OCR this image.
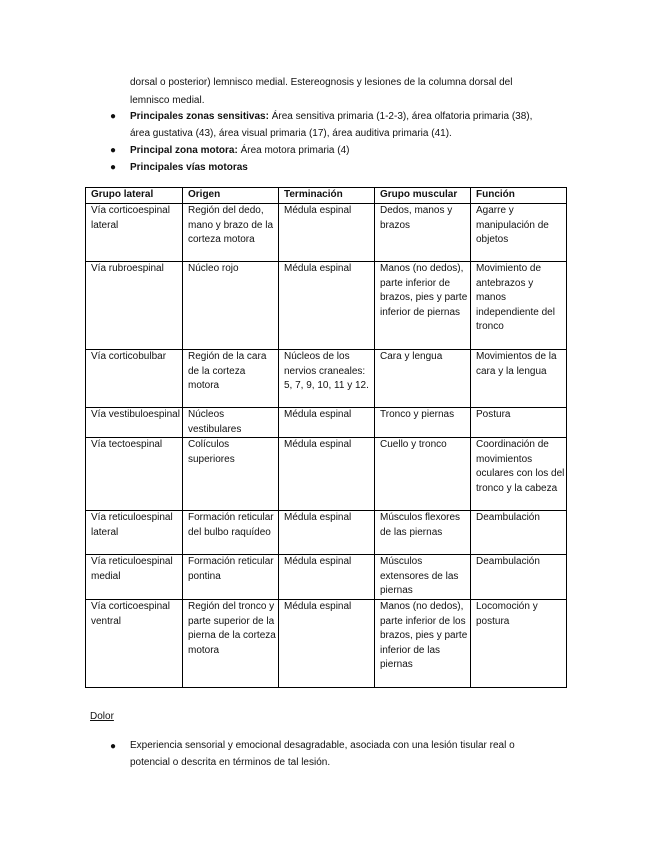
dorsal o posterior) lemnisco medial. Estereognosis y lesiones de la columna dorsal del
lemnisco medial.
● Principales zonas sensitivas: Área sensitiva primaria (1-2-3), área olfatoria primaria (38),
área gustativa (43), área visual primaria (17), área auditiva primaria (41).
● Principal zona motora: Área motora primaria (4)
● Principales vías motoras
Grupo lateral	Origen	Terminación	Grupo muscular	Función
Vía corticoespinal lateral	Región del dedo, mano y brazo de la corteza motora	Médula espinal	Dedos, manos y brazos	Agarre y manipulación de objetos
Vía rubroespinal	Núcleo rojo	Médula espinal	Manos (no dedos), parte inferior de brazos, pies y parte inferior de piernas	Movimiento de antebrazos y manos independiente del tronco
Vía corticobulbar	Región de la cara de la corteza motora	Núcleos de los nervios craneales: 5, 7, 9, 10, 11 y 12.	Cara y lengua	Movimientos de la cara y la lengua
Vía vestibuloespinal	Núcleos vestibulares	Médula espinal	Tronco y piernas	Postura
Vía tectoespinal	Colículos superiores	Médula espinal	Cuello y tronco	Coordinación de movimientos oculares con los del tronco y la cabeza
Vía reticuloespinal lateral	Formación reticular del bulbo raquídeo	Médula espinal	Músculos flexores de las piernas	Deambulación
Vía reticuloespinal medial	Formación reticular pontina	Médula espinal	Músculos extensores de las piernas	Deambulación
Vía corticoespinal ventral	Región del tronco y parte superior de la pierna de la corteza motora	Médula espinal	Manos (no dedos), parte inferior de los brazos, pies y parte inferior de las piernas	Locomoción y postura
Dolor
● Experiencia sensorial y emocional desagradable, asociada con una lesión tisular real o
potencial o descrita en términos de tal lesión.
